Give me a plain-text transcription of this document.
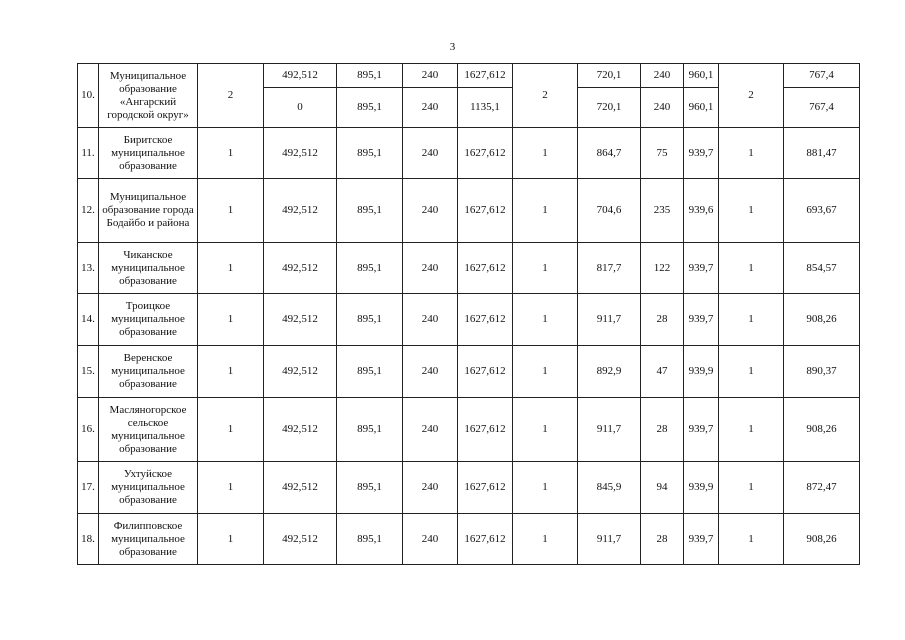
3
10.	Муниципальное образование «Ангарский городской округ»	2	492,512	895,1	240	1627,612	2	720,1	240	960,1	2	767,4
			0	895,1	240	1135,1		720,1	240	960,1		767,4
11.	Биритское муниципальное образование	1	492,512	895,1	240	1627,612	1	864,7	75	939,7	1	881,47
12.	Муниципальное образование города Бодайбо и района	1	492,512	895,1	240	1627,612	1	704,6	235	939,6	1	693,67
13.	Чиканское муниципальное образование	1	492,512	895,1	240	1627,612	1	817,7	122	939,7	1	854,57
14.	Троицкое муниципальное образование	1	492,512	895,1	240	1627,612	1	911,7	28	939,7	1	908,26
15.	Веренское муниципальное образование	1	492,512	895,1	240	1627,612	1	892,9	47	939,9	1	890,37
16.	Масляногорское сельское муниципальное образование	1	492,512	895,1	240	1627,612	1	911,7	28	939,7	1	908,26
17.	Ухтуйское муниципальное образование	1	492,512	895,1	240	1627,612	1	845,9	94	939,9	1	872,47
18.	Филипповское муниципальное образование	1	492,512	895,1	240	1627,612	1	911,7	28	939,7	1	908,26
